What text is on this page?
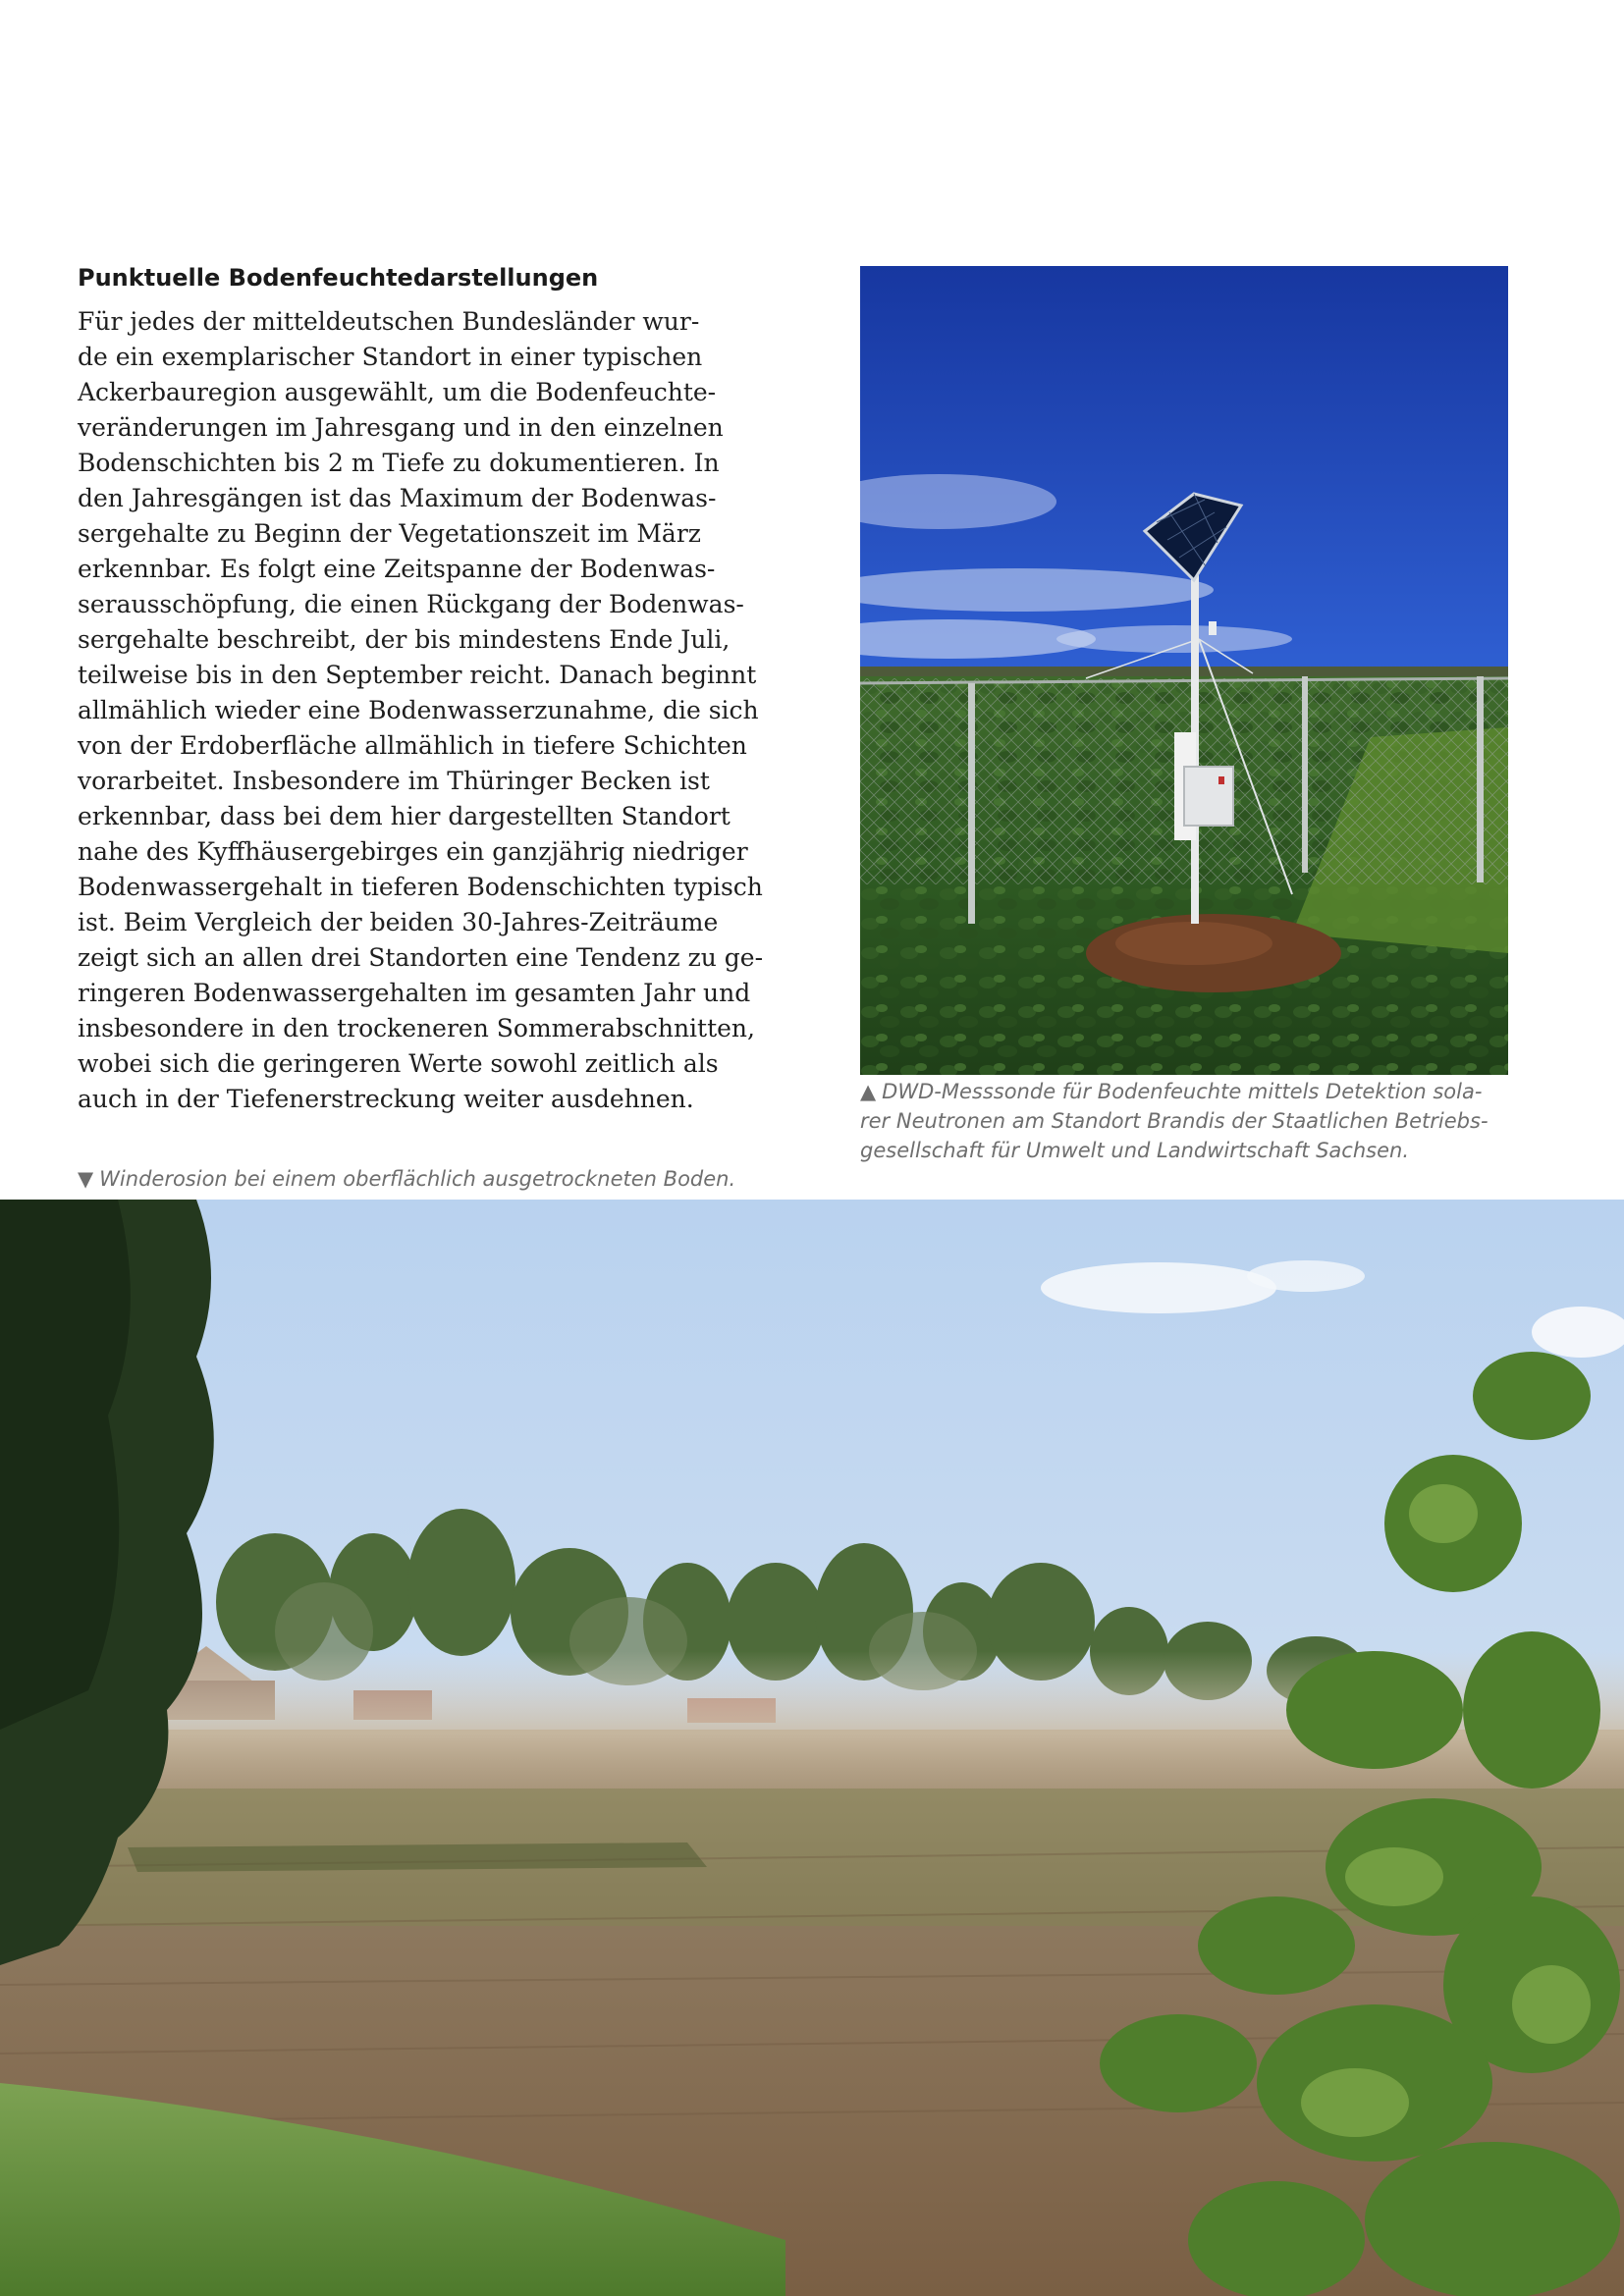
Punktuelle Bodenfeuchtedarstellungen
Für jedes der mitteldeutschen Bundesländer wur-
de ein exemplarischer Standort in einer typischen
Ackerbauregion ausgewählt, um die Bodenfeuchte-
veränderungen im Jahresgang und in den einzelnen
Bodenschichten bis 2 m Tiefe zu dokumentieren. In
den Jahresgängen ist das Maximum der Bodenwas-
sergehalte zu Beginn der Vegetationszeit im März
erkennbar. Es folgt eine Zeitspanne der Bodenwas-
serausschöpfung, die einen Rückgang der Bodenwas-
sergehalte beschreibt, der bis mindestens Ende Juli,
teilweise bis in den September reicht. Danach beginnt
allmählich wieder eine Bodenwasserzunahme, die sich
von der Erdoberfläche allmählich in tiefere Schichten
vorarbeitet. Insbesondere im Thüringer Becken ist
erkennbar, dass bei dem hier dargestellten Standort
nahe des Kyffhäusergebirges ein ganzjährig niedriger
Bodenwassergehalt in tieferen Bodenschichten typisch
ist. Beim Vergleich der beiden 30-Jahres-Zeiträume
zeigt sich an allen drei Standorten eine Tendenz zu ge-
ringeren Bodenwassergehalten im gesamten Jahr und
insbesondere in den trockeneren Sommerabschnitten,
wobei sich die geringeren Werte sowohl zeitlich als
auch in der Tiefenerstreckung weiter ausdehnen.	▲ DWD-Messsonde für Bodenfeuchte mittels Detektion sola-
rer Neutronen am Standort Brandis der Staatlichen Betriebs-
gesellschaft für Umwelt und Landwirtschaft Sachsen.
▼ Winderosion bei einem oberflächlich ausgetrockneten Boden.
